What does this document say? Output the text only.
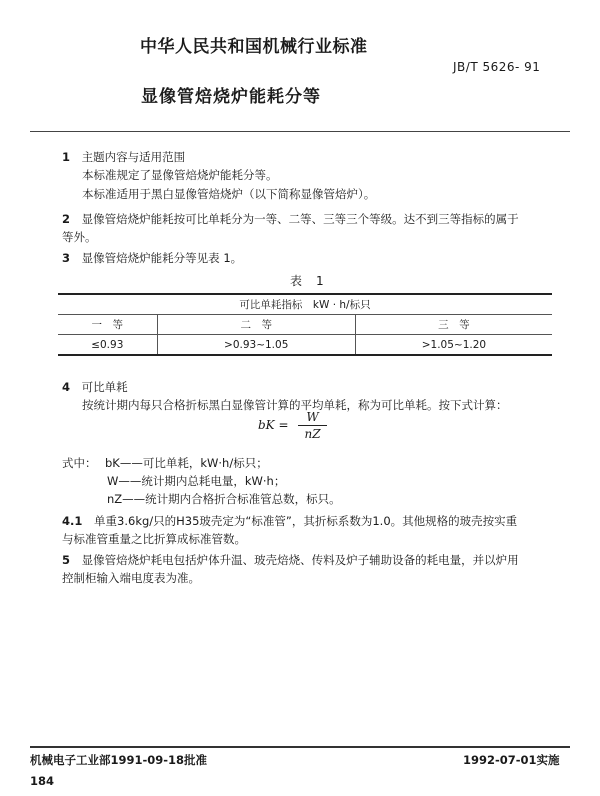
中华人民共和国机械行业标准
JB/T 5626- 91
显像管焙烧炉能耗分等
1 主题内容与适用范围
本标准规定了显像管焙烧炉能耗分等。
本标准适用于黑白显像管焙烧炉（以下简称显像管焙炉）。
2 显像管焙烧炉能耗按可比单耗分为一等、二等、三等三个等级。达不到三等指标的属于
等外。
3 显像管焙烧炉能耗分等见表 1。
表　1
可比单耗指标　kW · h/标只		
一　等	二　等	三　等
≤0.93	>0.93~1.05	>1.05~1.20
4 可比单耗
按统计期内每只合格折标黑白显像管计算的平均单耗，称为可比单耗。按下式计算：
bK = $\frac{W}{nZ}$
式中： bK——可比单耗，kW·h/标只；
W——统计期内总耗电量，kW·h；
nZ——统计期内合格折合标准管总数，标只。
4.1 单重3.6kg/只的H35玻壳定为“标准管”，其折标系数为1.0。其他规格的玻壳按实重
与标准管重量之比折算成标准管数。
5 显像管焙烧炉耗电包括炉体升温、玻壳焙烧、传料及炉子辅助设备的耗电量，并以炉用
控制柜输入端电度表为准。
机械电子工业部1991-09-18批准	1992-07-01实施
184
